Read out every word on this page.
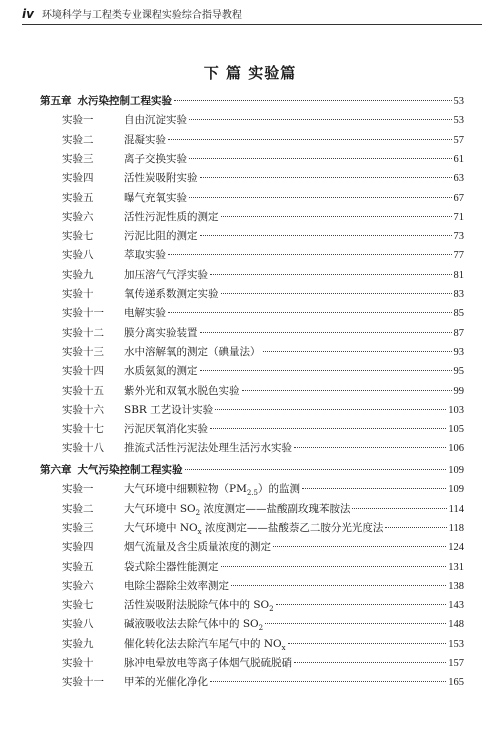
iv 环境科学与工程类专业课程实验综合指导教程
下 篇 实验篇
第五章 水污染控制工程实验	53
实验一	自由沉淀实验	53
实验二	混凝实验	57
实验三	离子交换实验	61
实验四	活性炭吸附实验	63
实验五	曝气充氧实验	67
实验六	活性污泥性质的测定	71
实验七	污泥比阻的测定	73
实验八	萃取实验	77
实验九	加压溶气气浮实验	81
实验十	氧传递系数测定实验	83
实验十一	电解实验	85
实验十二	膜分离实验装置	87
实验十三	水中溶解氧的测定（碘量法）	93
实验十四	水质氨氮的测定	95
实验十五	紫外光和双氧水脱色实验	99
实验十六	SBR 工艺设计实验	103
实验十七	污泥厌氧消化实验	105
实验十八	推流式活性污泥法处理生活污水实验	106
第六章 大气污染控制工程实验	109
实验一	大气环境中细颗粒物$(PM_{2.5})$的监测	109
实验二	大气环境中 $SO_2$ 浓度测定——盐酸副玫瑰苯胺法	114
实验三	大气环境中 $NO_x$ 浓度测定——盐酸萘乙二胺分光光度法	118
实验四	烟气流量及含尘质量浓度的测定	124
实验五	袋式除尘器性能测定	131
实验六	电除尘器除尘效率测定	138
实验七	活性炭吸附法脱除气体中的 $SO_2$	143
实验八	碱液吸收法去除气体中的 $SO_2$	148
实验九	催化转化法去除汽车尾气中的 $NO_x$	153
实验十	脉冲电晕放电等离子体烟气脱硫脱硝	157
实验十一	甲苯的光催化净化	165
